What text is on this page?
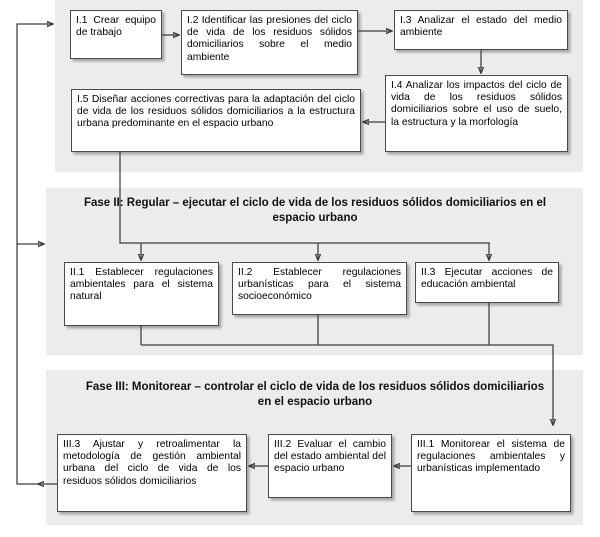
Fase II: Regular – ejecutar el ciclo de vida de los residuos sólidos domiciliarios en el espacio urbano
Fase III: Monitorear – controlar el ciclo de vida de los residuos sólidos domiciliarios en el espacio urbano
I.1 Crear equipo de trabajo
I.2 Identificar las presiones del ciclo de vida de los residuos sólidos domiciliarios sobre el medio ambiente
I.3 Analizar el estado del medio ambiente
I.4 Analizar los impactos del ciclo de vida de los residuos sólidos domiciliarios sobre el uso de suelo, la estructura y la morfología
I.5 Diseñar acciones correctivas para la adaptación del ciclo de vida de los residuos sólidos domiciliarios a la estructura urbana predominante en el espacio urbano
II.1 Establecer regulaciones ambientales para el sistema natural
II.2 Establecer regulaciones urbanísticas para el sistema socioeconómico
II.3 Ejecutar acciones de educación ambiental
III.3 Ajustar y retroalimentar la metodología de gestión ambiental urbana del ciclo de vida de los residuos sólidos domiciliarios
III.2 Evaluar el cambio del estado ambiental del espacio urbano
III.1 Monitorear el sistema de regulaciones ambientales y urbanísticas implementado
